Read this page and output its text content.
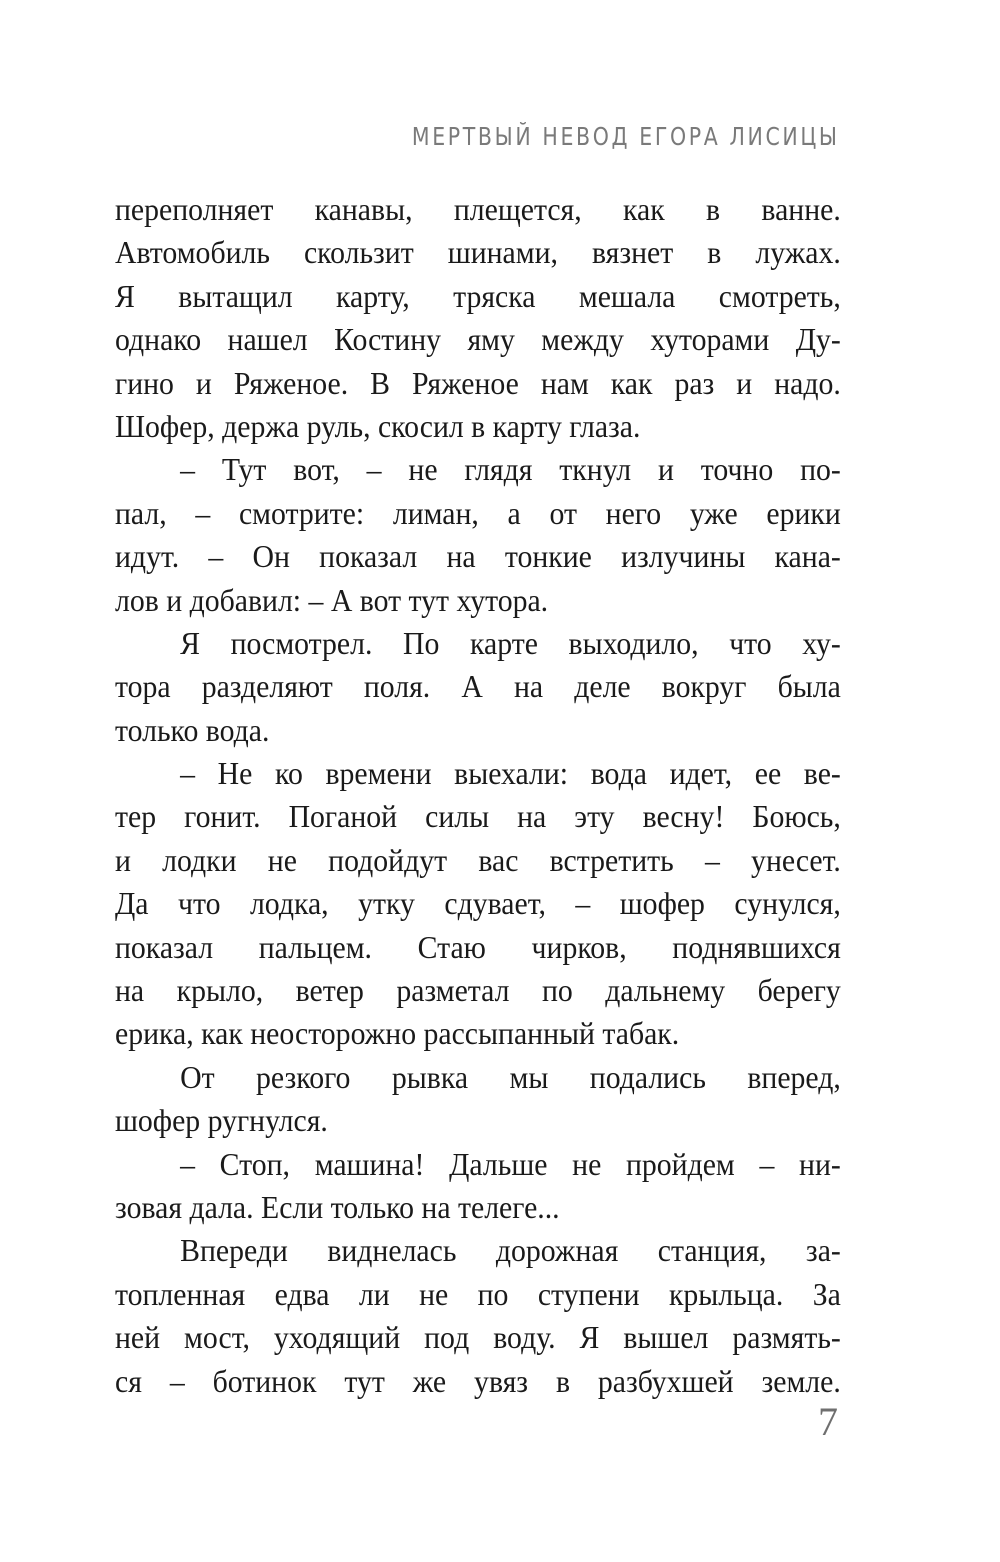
МЕРТВЫЙ НЕВОД ЕГОРА ЛИСИЦЫ
переполняет канавы, плещется, как в ванне.
Автомобиль скользит шинами, вязнет в лужах.
Я вытащил карту, тряска мешала смотреть,
однако нашел Костину яму между хуторами Ду-
гино и Ряженое. В Ряженое нам как раз и надо.
Шофер, держа руль, скосил в карту глаза.
– Тут вот, – не глядя ткнул и точно по-
пал, – смотрите: лиман, а от него уже ерики
идут. – Он показал на тонкие излучины кана-
лов и добавил: – А вот тут хутора.
Я посмотрел. По карте выходило, что ху-
тора разделяют поля. А на деле вокруг была
только вода.
– Не ко времени выехали: вода идет, ее ве-
тер гонит. Поганой силы на эту весну! Боюсь,
и лодки не подойдут вас встретить – унесет.
Да что лодка, утку сдувает, – шофер сунулся,
показал пальцем. Стаю чирков, поднявшихся
на крыло, ветер разметал по дальнему берегу
ерика, как неосторожно рассыпанный табак.
От резкого рывка мы подались вперед,
шофер ругнулся.
– Стоп, машина! Дальше не пройдем – ни-
зовая дала. Если только на телеге...
Впереди виднелась дорожная станция, за-
топленная едва ли не по ступени крыльца. За
ней мост, уходящий под воду. Я вышел размять-
ся – ботинок тут же увяз в разбухшей земле.
7
